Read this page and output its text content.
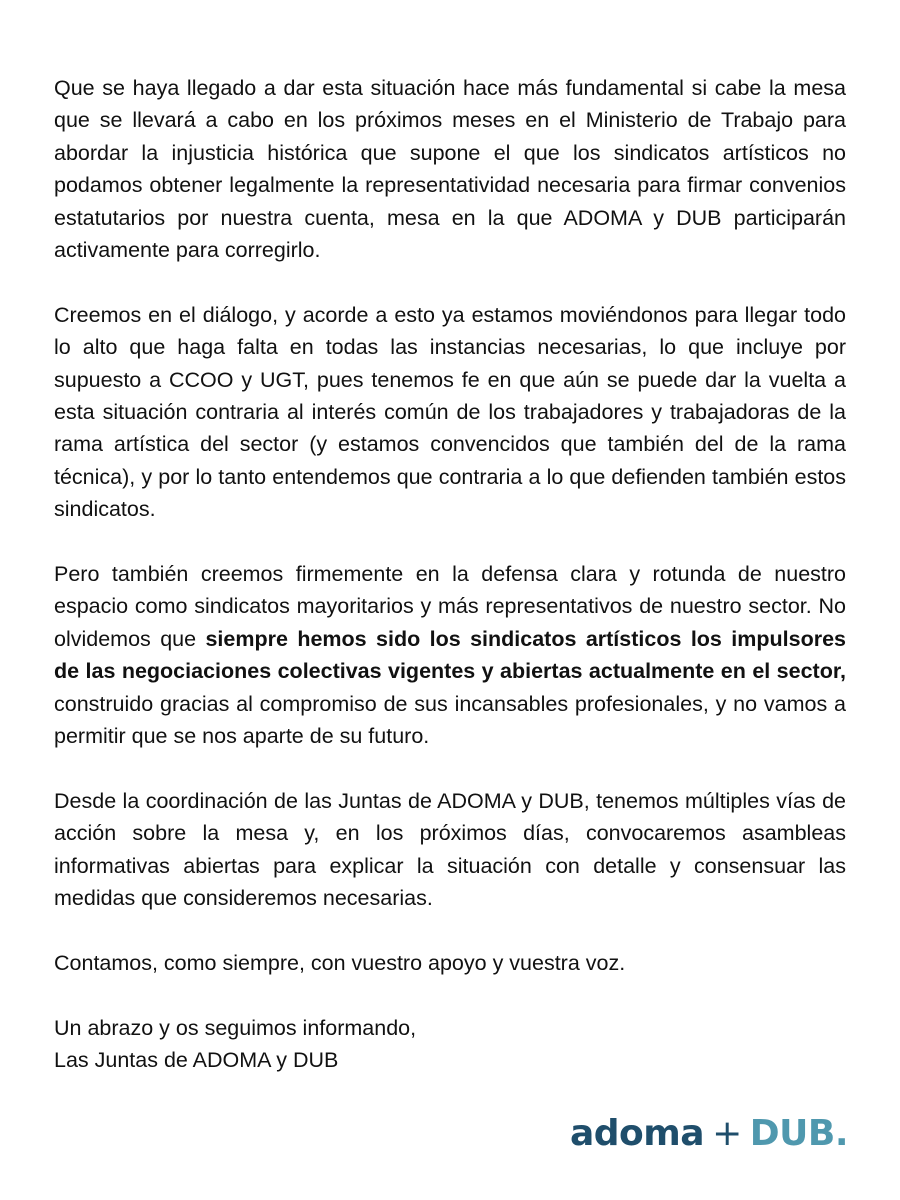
Que se haya llegado a dar esta situación hace más fundamental si cabe la mesa que se llevará a cabo en los próximos meses en el Ministerio de Trabajo para abordar la injusticia histórica que supone el que los sindicatos artísticos no podamos obtener legalmente la representatividad necesaria para firmar convenios estatutarios por nuestra cuenta, mesa en la que ADOMA y DUB participarán activamente para corregirlo.

Creemos en el diálogo, y acorde a esto ya estamos moviéndonos para llegar todo lo alto que haga falta en todas las instancias necesarias, lo que incluye por supuesto a CCOO y UGT, pues tenemos fe en que aún se puede dar la vuelta a esta situación contraria al interés común de los trabajadores y trabajadoras de la rama artística del sector (y estamos convencidos que también del de la rama técnica), y por lo tanto entendemos que contraria a lo que defienden también estos sindicatos.

Pero también creemos firmemente en la defensa clara y rotunda de nuestro espacio como sindicatos mayoritarios y más representativos de nuestro sector. No olvidemos que siempre hemos sido los sindicatos artísticos los impulsores de las negociaciones colectivas vigentes y abiertas actualmente en el sector, construido gracias al compromiso de sus incansables profesionales, y no vamos a permitir que se nos aparte de su futuro.

Desde la coordinación de las Juntas de ADOMA y DUB, tenemos múltiples vías de acción sobre la mesa y, en los próximos días, convocaremos asambleas informativas abiertas para explicar la situación con detalle y consensuar las medidas que consideremos necesarias.

Contamos, como siempre, con vuestro apoyo y vuestra voz.

Un abrazo y os seguimos informando,

Las Juntas de ADOMA y DUB

adoma + DUB.
